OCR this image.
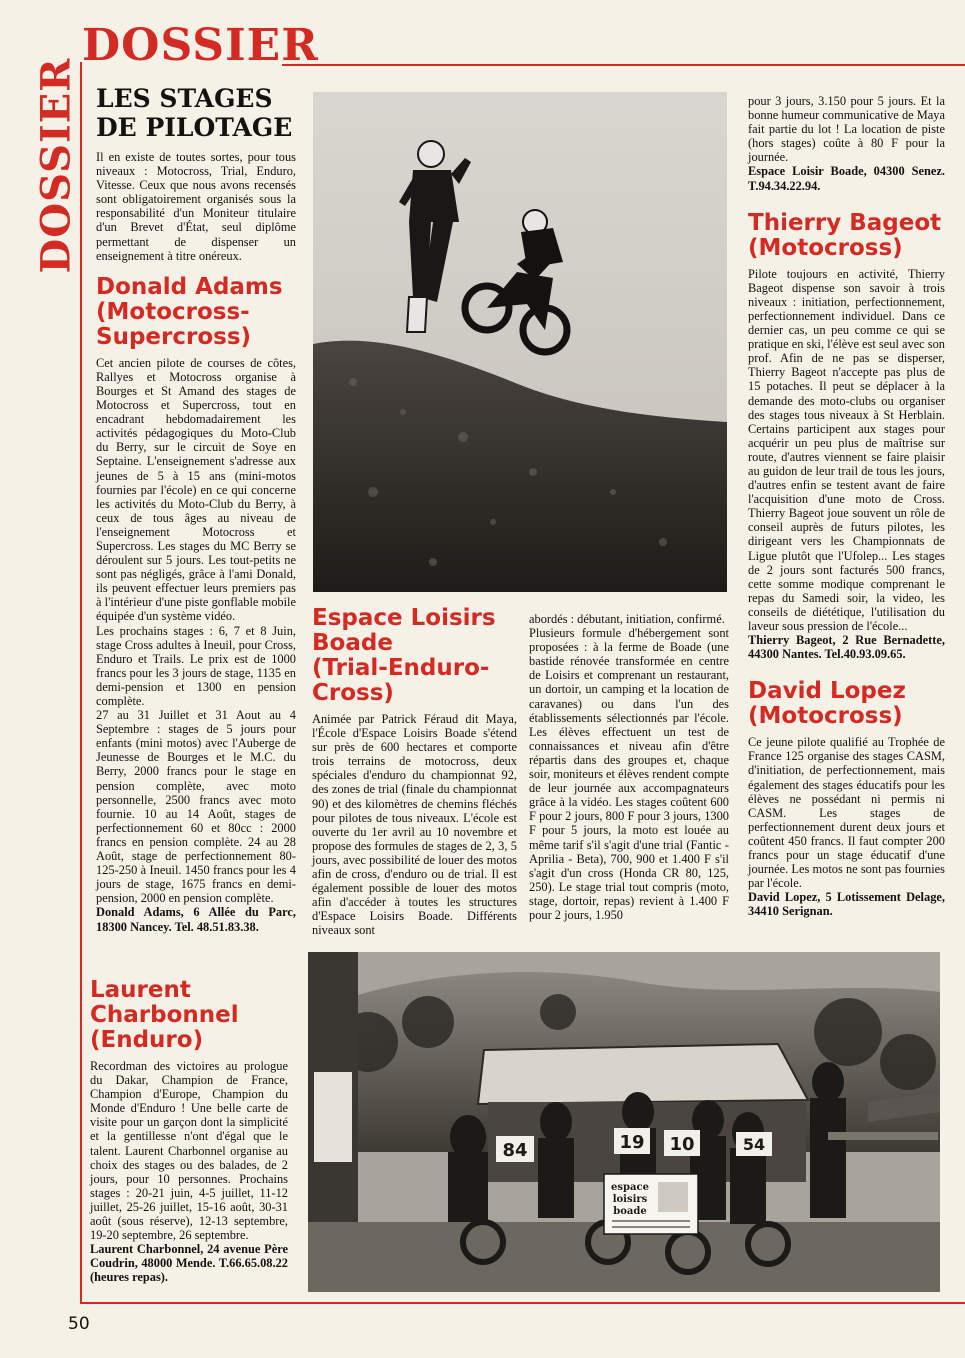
DOSSIER
DOSSIER LES STAGES
DE PILOTAGE

Il en existe de toutes sortes, pour tous niveaux : Motocross, Trial, Enduro, Vitesse. Ceux que nous avons recensés sont obligatoirement organisés sous la responsabilité d'un Moniteur titulaire d'un Brevet d'État, seul diplôme permettant de dispenser un enseignement à titre onéreux.

Donald Adams
(Motocross-
Supercross)

Cet ancien pilote de courses de côtes, Rallyes et Motocross organise à Bourges et St Amand des stages de Motocross et Supercross, tout en encadrant hebdomadairement les activités pédagogiques du Moto-Club du Berry, sur le circuit de Soye en Septaine. L'enseignement s'adresse aux jeunes de 5 à 15 ans (mini-motos fournies par l'école) en ce qui concerne les activités du Moto-Club du Berry, à ceux de tous âges au niveau de l'enseignement Motocross et Supercross. Les stages du MC Berry se déroulent sur 5 jours. Les tout-petits ne sont pas négligés, grâce à l'ami Donald, ils peuvent effectuer leurs premiers pas à l'intérieur d'une piste gonflable mobile équipée d'un système vidéo.

Les prochains stages : 6, 7 et 8 Juin, stage Cross adultes à Ineuil, pour Cross, Enduro et Trails. Le prix est de 1000 francs pour les 3 jours de stage, 1135 en demi-pension et 1300 en pension complète.

27 au 31 Juillet et 31 Aout au 4 Septembre : stages de 5 jours pour enfants (mini motos) avec l'Auberge de Jeunesse de Bourges et le M.C. du Berry, 2000 francs pour le stage en pension complète, avec moto personnelle, 2500 francs avec moto fournie. 10 au 14 Août, stages de perfectionnement 60 et 80cc : 2000 francs en pension complète. 24 au 28 Août, stage de perfectionnement 80-125-250 à Ineuil. 1450 francs pour les 4 jours de stage, 1675 francs en demi-pension, 2000 en pension complète.

Donald Adams, 6 Allée du Parc, 18300 Nancey. Tel. 48.51.83.38.

Laurent
Charbonnel
(Enduro)

Recordman des victoires au prologue du Dakar, Champion de France, Champion d'Europe, Champion du Monde d'Enduro ! Une belle carte de visite pour un garçon dont la simplicité et la gentillesse n'ont d'égal que le talent. Laurent Charbonnel organise au choix des stages ou des balades, de 2 jours, pour 10 personnes. Prochains stages : 20-21 juin, 4-5 juillet, 11-12 juillet, 25-26 juillet, 15-16 août, 30-31 août (sous réserve), 12-13 septembre, 19-20 septembre, 26 septembre.

Laurent Charbonnel, 24 avenue Père Coudrin, 48000 Mende. T.66.65.08.22 (heures repas).

Espace Loisirs
Boade
(Trial-Enduro-
Cross)

Animée par Patrick Féraud dit Maya, l'École d'Espace Loisirs Boade s'étend sur près de 600 hectares et comporte trois terrains de motocross, deux spéciales d'enduro du championnat 92, des zones de trial (finale du championnat 90) et des kilomètres de chemins fléchés pour pilotes de tous niveaux. L'école est ouverte du 1er avril au 10 novembre et propose des formules de stages de 2, 3, 5 jours, avec possibilité de louer des motos afin de cross, d'enduro ou de trial. Il est également possible de louer des motos afin d'accéder à toutes les structures d'Espace Loisirs Boade. Différents niveaux sont

abordés : débutant, initiation, confirmé.

Plusieurs formule d'hébergement sont proposées : à la ferme de Boade (une bastide rénovée transformée en centre de Loisirs et comprenant un restaurant, un dortoir, un camping et la location de caravanes) ou dans l'un des établissements sélectionnés par l'école. Les élèves effectuent un test de connaissances et niveau afin d'être répartis dans des groupes et, chaque soir, moniteurs et élèves rendent compte de leur journée aux accompagnateurs grâce à la vidéo. Les stages coûtent 600 F pour 2 jours, 800 F pour 3 jours, 1300 F pour 5 jours, la moto est louée au même tarif s'il s'agit d'une trial (Fantic - Aprilia - Beta), 700, 900 et 1.400 F s'il s'agit d'un cross (Honda CR 80, 125, 250). Le stage trial tout compris (moto, stage, dortoir, repas) revient à 1.400 F pour 2 jours, 1.950

pour 3 jours, 3.150 pour 5 jours. Et la bonne humeur communicative de Maya fait partie du lot ! La location de piste (hors stages) coûte à 80 F pour la journée.

Espace Loisir Boade, 04300 Senez. T.94.34.22.94.

Thierry Bageot
(Motocross)

Pilote toujours en activité, Thierry Bageot dispense son savoir à trois niveaux : initiation, perfectionnement, perfectionnement individuel. Dans ce dernier cas, un peu comme ce qui se pratique en ski, l'élève est seul avec son prof. Afin de ne pas se disperser, Thierry Bageot n'accepte pas plus de 15 potaches. Il peut se déplacer à la demande des moto-clubs ou organiser des stages tous niveaux à St Herblain. Certains participent aux stages pour acquérir un peu plus de maîtrise sur route, d'autres viennent se faire plaisir au guidon de leur trail de tous les jours, d'autres enfin se testent avant de faire l'acquisition d'une moto de Cross. Thierry Bageot joue souvent un rôle de conseil auprès de futurs pilotes, les dirigeant vers les Championnats de Ligue plutôt que l'Ufolep... Les stages de 2 jours sont facturés 500 francs, cette somme modique comprenant le repas du Samedi soir, la video, les conseils de diététique, l'utilisation du laveur sous pression de l'école...

Thierry Bageot, 2 Rue Bernadette, 44300 Nantes. Tel.40.93.09.65.

David Lopez
(Motocross)

Ce jeune pilote qualifié au Trophée de France 125 organise des stages CASM, d'initiation, de perfectionnement, mais également des stages éducatifs pour les élèves ne possédant ni permis ni CASM. Les stages de perfectionnement durent deux jours et coûtent 450 francs. Il faut compter 200 francs pour un stage éducatif d'une journée. Les motos ne sont pas fournies par l'école.

David Lopez, 5 Lotissement Delage, 34410 Serignan.

84	19 10	54
espace
loisirs
boade
50
